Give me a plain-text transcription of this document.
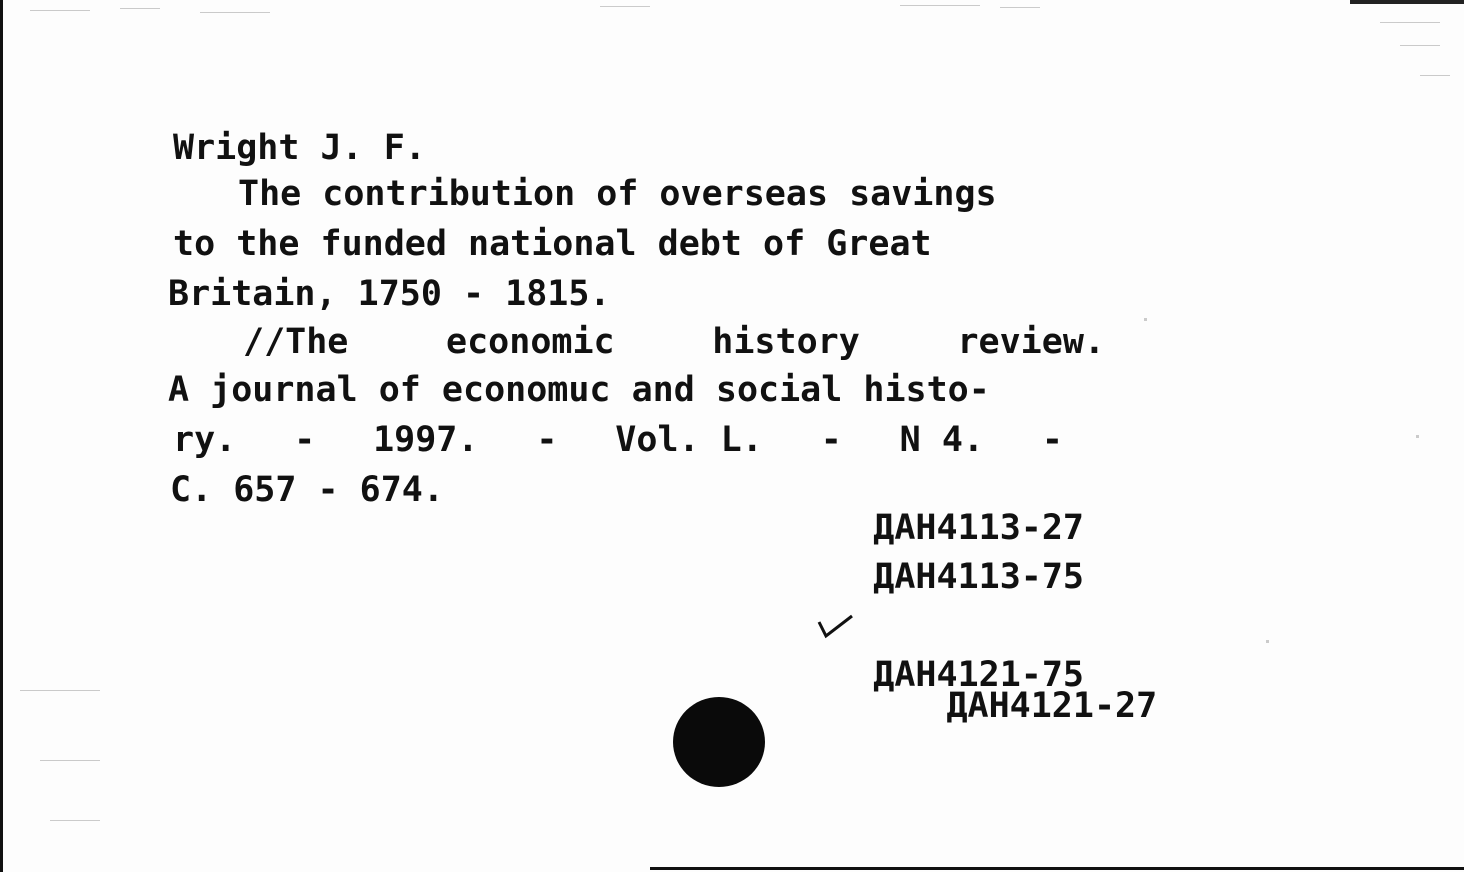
Wright J. F.

The contribution of overseas savings

to the funded national debt of Great

Britain, 1750 - 1815.

//The	economic	history	review.

A journal of economuc and social histo-

ry. - 1997. - Vol. L. - N 4. -

C. 657 - 674.

ДАН4113-27
ДАН4113-75

ДАН4121-27

ДАН4121-75
